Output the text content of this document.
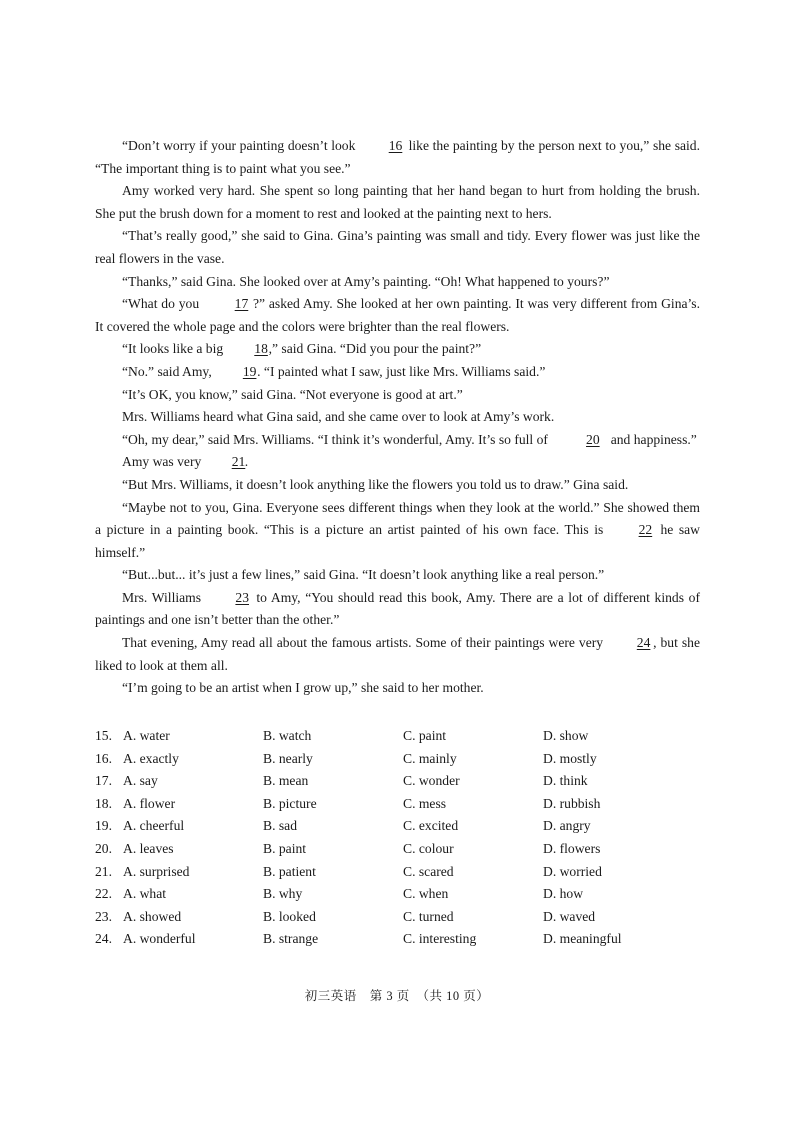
“Don’t worry if your painting doesn’t look 16 like the painting by the person next to you,” she said. “The important thing is to paint what you see.”

Amy worked very hard. She spent so long painting that her hand began to hurt from holding the brush. She put the brush down for a moment to rest and looked at the painting next to hers.

“That’s really good,” she said to Gina. Gina’s painting was small and tidy. Every flower was just like the real flowers in the vase.

“Thanks,” said Gina. She looked over at Amy’s painting. “Oh! What happened to yours?”

“What do you 17 ?” asked Amy. She looked at her own painting. It was very different from Gina’s. It covered the whole page and the colors were brighter than the real flowers.

“It looks like a big 18,” said Gina. “Did you pour the paint?”

“No.” said Amy, 19. “I painted what I saw, just like Mrs. Williams said.”

“It’s OK, you know,” said Gina. “Not everyone is good at art.”

Mrs. Williams heard what Gina said, and she came over to look at Amy’s work.

“Oh, my dear,” said Mrs. Williams. “I think it’s wonderful, Amy. It’s so full of	20 and happiness.”

Amy was very 21.

“But Mrs. Williams, it doesn’t look anything like the flowers you told us to draw.” Gina said.

“Maybe not to you, Gina. Everyone sees different things when they look at the world.” She showed them a picture in a painting book. “This is a picture an artist painted of his own face. This is 22 he saw himself.”

“But...but... it’s just a few lines,” said Gina. “It doesn’t look anything like a real person.”

Mrs. Williams 23 to Amy, “You should read this book, Amy. There are a lot of different kinds of paintings and one isn’t better than the other.”

That evening, Amy read all about the famous artists. Some of their paintings were very 24 , but she liked to look at them all.

“I’m going to be an artist when I grow up,” she said to her mother.

15. A. water	B. watch	C. paint	D. show
16. A. exactly	B. nearly	C. mainly	D. mostly
17. A. say	B. mean	C. wonder	D. think
18. A. flower	B. picture	C. mess	D. rubbish
19. A. cheerful	B. sad	C. excited	D. angry
20. A. leaves	B. paint	C. colour	D. flowers
21. A. surprised	B. patient	C. scared	D. worried
22. A. what	B. why	C. when	D. how
23. A. showed	B. looked	C. turned	D. waved
24. A. wonderful	B. strange	C. interesting	D. meaningful
初三英语　第 3 页　（共 10 页）
